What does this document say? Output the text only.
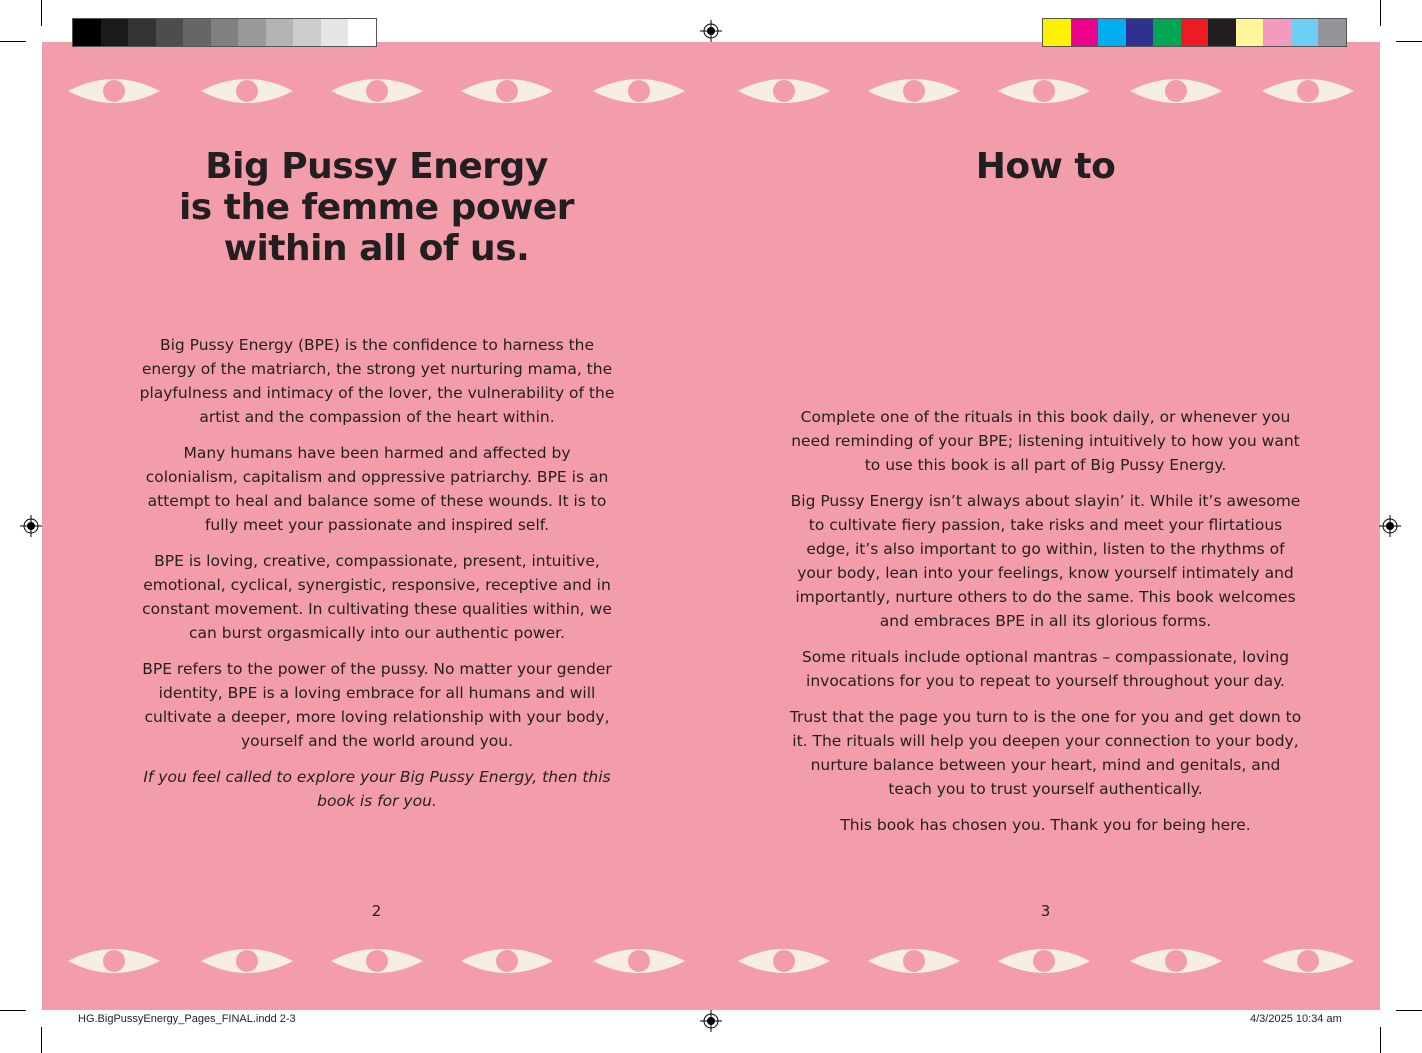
Big Pussy Energy
is the femme power
within all of us.

Big Pussy Energy (BPE) is the confidence to harness the energy of the matriarch, the strong yet nurturing mama, the playfulness and intimacy of the lover, the vulnerability of the artist and the compassion of the heart within.

Many humans have been harmed and affected by colonialism, capitalism and oppressive patriarchy. BPE is an attempt to heal and balance some of these wounds. It is to fully meet your passionate and inspired self.

BPE is loving, creative, compassionate, present, intuitive, emotional, cyclical, synergistic, responsive, receptive and in constant movement. In cultivating these qualities within, we can burst orgasmically into our authentic power.

BPE refers to the power of the pussy. No matter your gender identity, BPE is a loving embrace for all humans and will cultivate a deeper, more loving relationship with your body, yourself and the world around you.

If you feel called to explore your Big Pussy Energy, then this book is for you.

2
How to

Complete one of the rituals in this book daily, or whenever you need reminding of your BPE; listening intuitively to how you want to use this book is all part of Big Pussy Energy.

Big Pussy Energy isn’t always about slayin’ it. While it’s awesome to cultivate fiery passion, take risks and meet your flirtatious edge, it’s also important to go within, listen to the rhythms of your body, lean into your feelings, know yourself intimately and importantly, nurture others to do the same. This book welcomes and embraces BPE in all its glorious forms.

Some rituals include optional mantras – compassionate, loving invocations for you to repeat to yourself throughout your day.

Trust that the page you turn to is the one for you and get down to it. The rituals will help you deepen your connection to your body, nurture balance between your heart, mind and genitals, and teach you to trust yourself authentically.

This book has chosen you. Thank you for being here.

3
HG.BigPussyEnergy_Pages_FINAL.indd 2-3	4/3/2025 10:34 am
